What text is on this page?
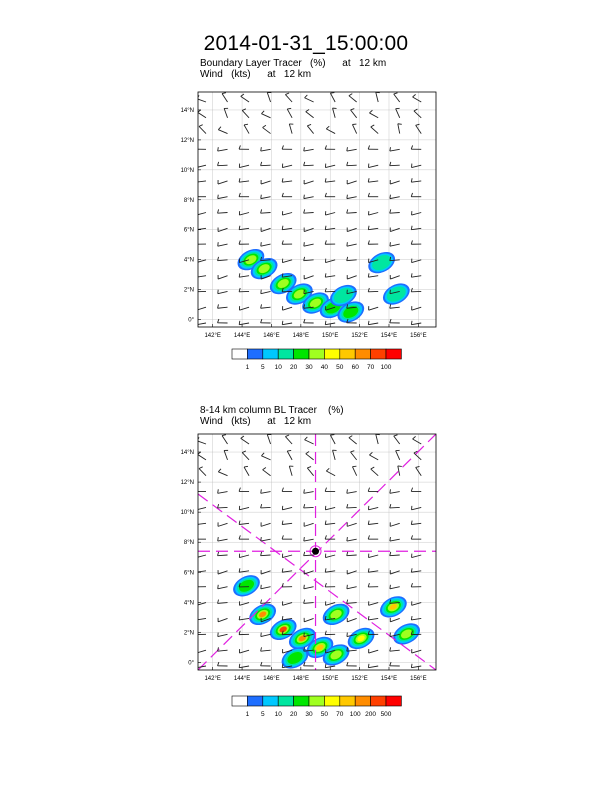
2014-01-31_15:00:00
Boundary Layer Tracer   (%)      at   12 km
Wind   (kts)      at   12 km
8-14 km column BL Tracer    (%)
Wind   (kts)      at   12 km
142°E 144°E 146°E 148°E 150°E 152°E 154°E 156°E
0°
2°N
4°N
6°N
8°N
10°N
12°N
14°N
1 5 10 20 30 40 50 60 70 100
142°E 144°E 146°E 148°E 150°E 152°E 154°E 156°E
0°
2°N
4°N
6°N
8°N
10°N
12°N
14°N
1 5 10 20 30 50 70 100 200 500
